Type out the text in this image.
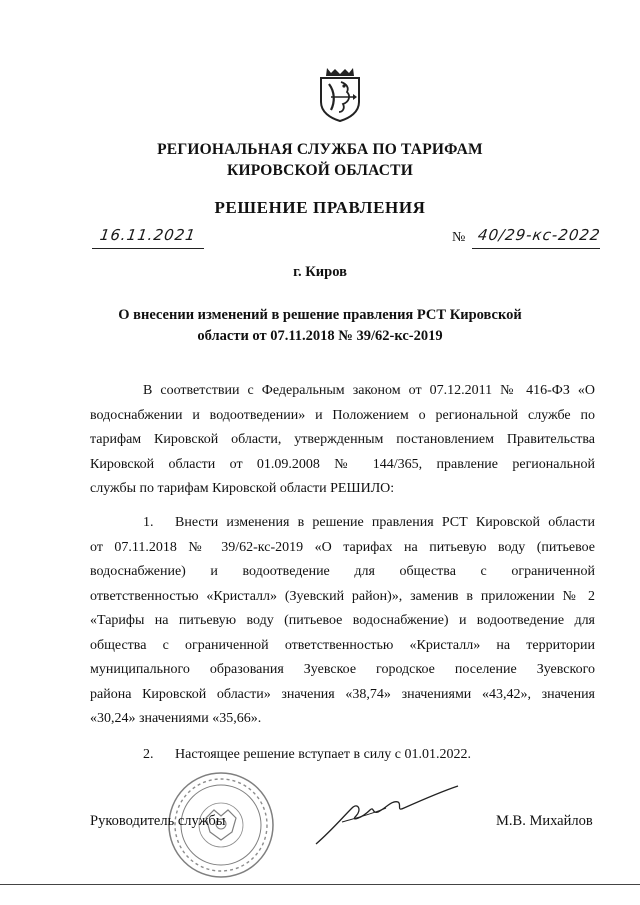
РЕГИОНАЛЬНАЯ СЛУЖБА ПО ТАРИФАМ
КИРОВСКОЙ ОБЛАСТИ
РЕШЕНИЕ ПРАВЛЕНИЯ
16.11.2021	№ 40/29-кс-2022
г. Киров
О внесении изменений в решение правления РСТ Кировской
области от 07.11.2018 № 39/62-кс-2019
В соответствии с Федеральным законом от 07.12.2011 № 416-ФЗ «О
водоснабжении и водоотведении» и Положением о региональной службе по
тарифам Кировской области, утвержденным постановлением Правительства
Кировской области от 01.09.2008 № 144/365, правление региональной
службы по тарифам Кировской области РЕШИЛО:
1. Внести изменения в решение правления РСТ Кировской области
от 07.11.2018 № 39/62-кс-2019 «О тарифах на питьевую воду (питьевое
водоснабжение) и водоотведение для общества с ограниченной
ответственностью «Кристалл» (Зуевский район)», заменив в приложении № 2
«Тарифы на питьевую воду (питьевое водоснабжение) и водоотведение для
общества с ограниченной ответственностью «Кристалл» на территории
муниципального образования Зуевское городское поселение Зуевского
района Кировской области» значения «38,74» значениями «43,42», значения
«30,24» значениями «35,66».
2. Настоящее решение вступает в силу с 01.01.2022.
Руководитель службы	М.В. Михайлов
